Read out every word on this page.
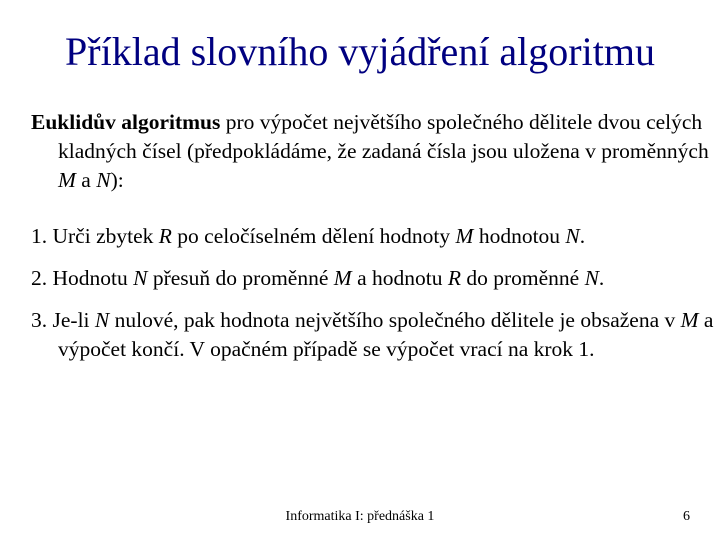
Příklad slovního vyjádření algoritmu

Euklidův algoritmus pro výpočet největšího společného dělitele dvou celých kladných čísel (předpokládáme, že zadaná čísla jsou uložena v proměnných M a N):

1. Urči zbytek R po celočíselném dělení hodnoty M hodnotou N.

2. Hodnotu N přesuň do proměnné M a hodnotu R do proměnné N.

3. Je-li N nulové, pak hodnota největšího společného dělitele je obsažena v M a výpočet končí. V opačném případě se výpočet vrací na krok 1.

Informatika I: přednáška 1	6
